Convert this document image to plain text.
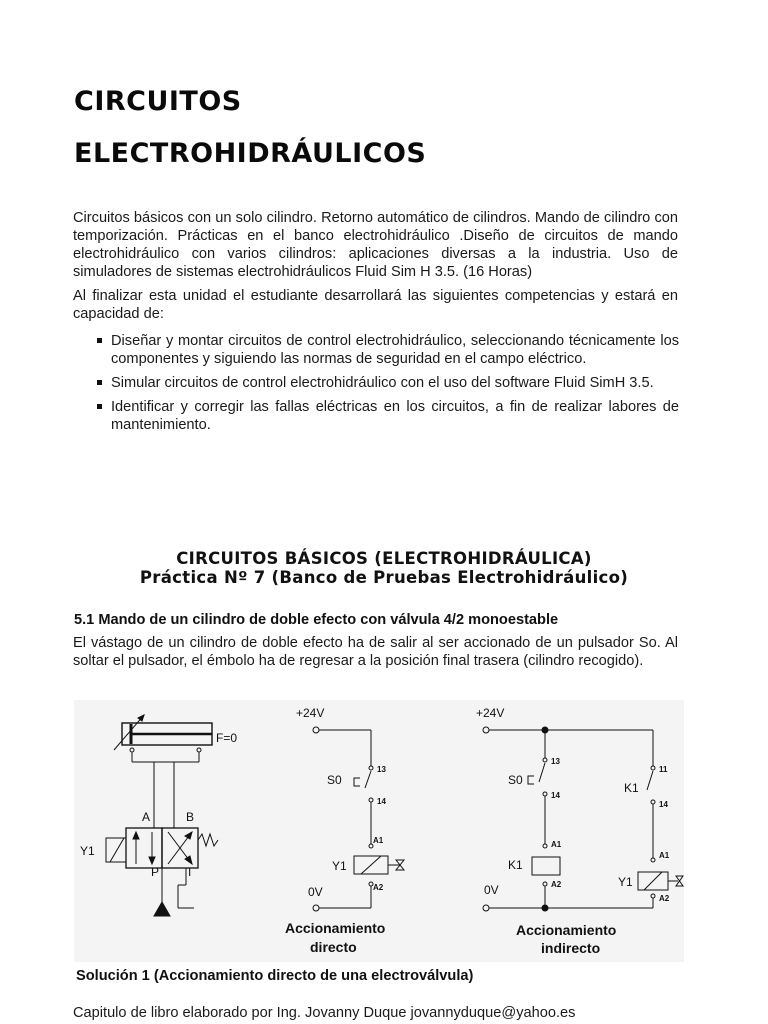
CIRCUITOS
ELECTROHIDRÁULICOS

Circuitos básicos con un solo cilindro. Retorno automático de cilindros. Mando de cilindro con temporización. Prácticas en el banco electrohidráulico .Diseño de circuitos de mando electrohidráulico con varios cilindros: aplicaciones diversas a la industria. Uso de simuladores de sistemas electrohidráulicos Fluid Sim H 3.5. (16 Horas)

Al finalizar esta unidad el estudiante desarrollará las siguientes competencias y estará en capacidad de:

Diseñar y montar circuitos de control electrohidráulico, seleccionando técnicamente los componentes y siguiendo las normas de seguridad en el campo eléctrico.
Simular circuitos de control electrohidráulico con el uso del software Fluid SimH 3.5.
Identificar y corregir las fallas eléctricas en los circuitos, a fin de realizar labores de mantenimiento.
CIRCUITOS BÁSICOS (ELECTROHIDRÁULICA)
Práctica Nº 7 (Banco de Pruebas Electrohidráulico)
5.1 Mando de un cilindro de doble efecto con válvula 4/2 monoestable
El vástago de un cilindro de doble efecto ha de salir al ser accionado de un pulsador So. Al soltar el pulsador, el émbolo ha de regresar a la posición final trasera (cilindro recogido).
F=0
A	B
Y1
P T
+24V
13
14
S0
A1
Y1
A2
0V
Accionamiento
directo
+24V
13
14
S0
A1
K1
A2
11
K1
14
A1
Y1
A2
0V
Accionamiento
indirecto
Solución 1 (Accionamiento directo de una electroválvula)
Capitulo de libro elaborado por Ing. Jovanny Duque jovannyduque@yahoo.es
